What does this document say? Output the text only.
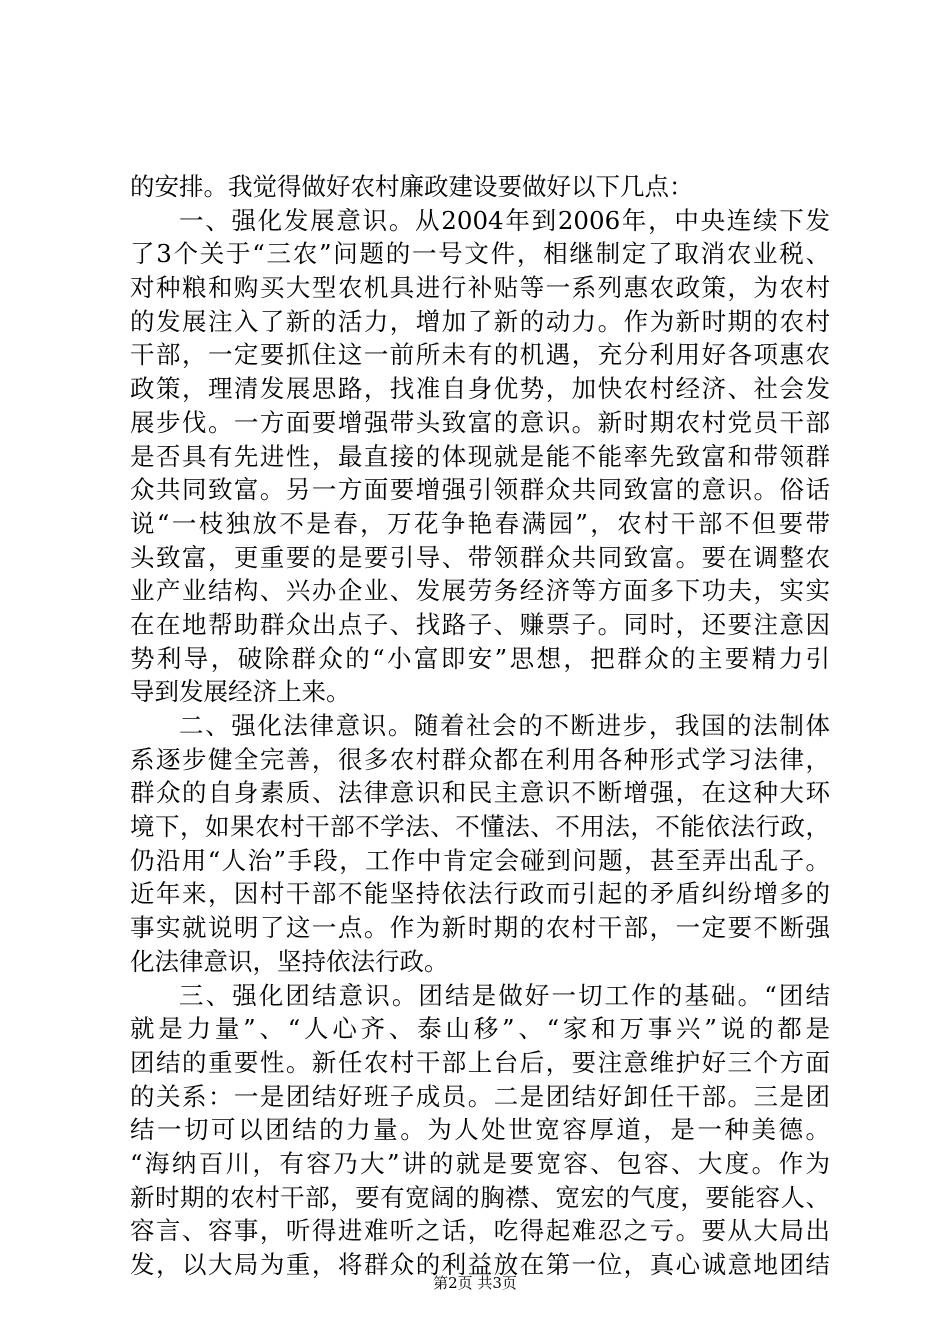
的安排。我觉得做好农村廉政建设要做好以下几点：
一、强化发展意识。从2004年到2006年，中央连续下发
了3个关于“三农”问题的一号文件，相继制定了取消农业税、
对种粮和购买大型农机具进行补贴等一系列惠农政策，为农村
的发展注入了新的活力，增加了新的动力。作为新时期的农村
干部，一定要抓住这一前所未有的机遇，充分利用好各项惠农
政策，理清发展思路，找准自身优势，加快农村经济、社会发
展步伐。一方面要增强带头致富的意识。新时期农村党员干部
是否具有先进性，最直接的体现就是能不能率先致富和带领群
众共同致富。另一方面要增强引领群众共同致富的意识。俗话
说“一枝独放不是春，万花争艳春满园”，农村干部不但要带
头致富，更重要的是要引导、带领群众共同致富。要在调整农
业产业结构、兴办企业、发展劳务经济等方面多下功夫，实实
在在地帮助群众出点子、找路子、赚票子。同时，还要注意因
势利导，破除群众的“小富即安”思想，把群众的主要精力引
导到发展经济上来。
二、强化法律意识。随着社会的不断进步，我国的法制体
系逐步健全完善，很多农村群众都在利用各种形式学习法律，
群众的自身素质、法律意识和民主意识不断增强，在这种大环
境下，如果农村干部不学法、不懂法、不用法，不能依法行政，
仍沿用“人治”手段，工作中肯定会碰到问题，甚至弄出乱子。
近年来，因村干部不能坚持依法行政而引起的矛盾纠纷增多的
事实就说明了这一点。作为新时期的农村干部，一定要不断强
化法律意识，坚持依法行政。
三、强化团结意识。团结是做好一切工作的基础。“团结
就是力量”、“人心齐、泰山移”、“家和万事兴”说的都是
团结的重要性。新任农村干部上台后，要注意维护好三个方面
的关系：一是团结好班子成员。二是团结好卸任干部。三是团
结一切可以团结的力量。为人处世宽容厚道，是一种美德。
“海纳百川，有容乃大”讲的就是要宽容、包容、大度。作为
新时期的农村干部，要有宽阔的胸襟、宽宏的气度，要能容人、
容言、容事，听得进难听之话，吃得起难忍之亏。要从大局出
发，以大局为重，将群众的利益放在第一位，真心诚意地团结
第2页 共3页
